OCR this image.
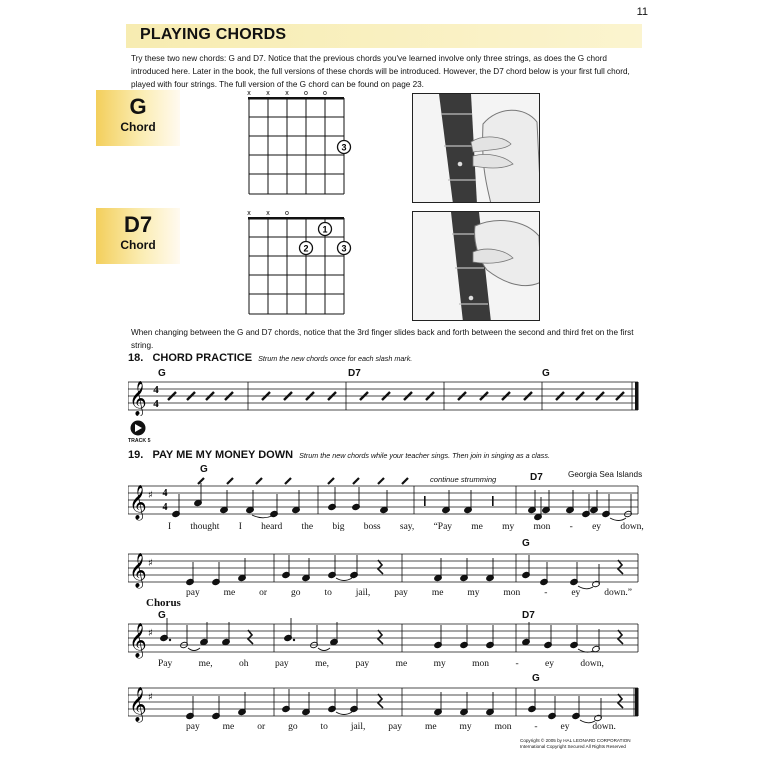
PLAYING CHORDS
11
Try these two new chords: G and D7. Notice that the previous chords you've learned involve only three strings, as does the G chord introduced here. Later in the book, the full versions of these chords will be introduced. However, the D7 chord below is your first full chord, played with four strings. The full version of the G chord can be found on page 23.
G
Chord
x x x o o
3
D7
Chord
x x o
1
2	3
When changing between the G and D7 chords, notice that the 3rd finger slides back and forth between the second and third fret on the first string.
18. CHORD PRACTICE Strum the new chords once for each slash mark.
G	D7	G
𝄞 4
4
TRACK 5
19. PAY ME MY MONEY DOWN Strum the new chords while your teacher sings. Then join in singing as a class.
Georgia Sea Islands
continue strumming
G
D7
𝄞 ♯ 4
4
I thought I heard the big boss say, “Pay me my mon - ey down,
G
𝄞 ♯
pay	me	or	go	to	jail,	pay	me	my	mon	-	ey	down.”
Chorus
G	D7
𝄞 ♯
Pay	me,	oh	pay	me,	pay	me	my	mon	-	ey	down,
G
𝄞 ♯
pay me or go to jail, pay me my mon - ey down.
Copyright © 2005 by HAL LEONARD CORPORATION
International Copyright Secured All Rights Reserved
